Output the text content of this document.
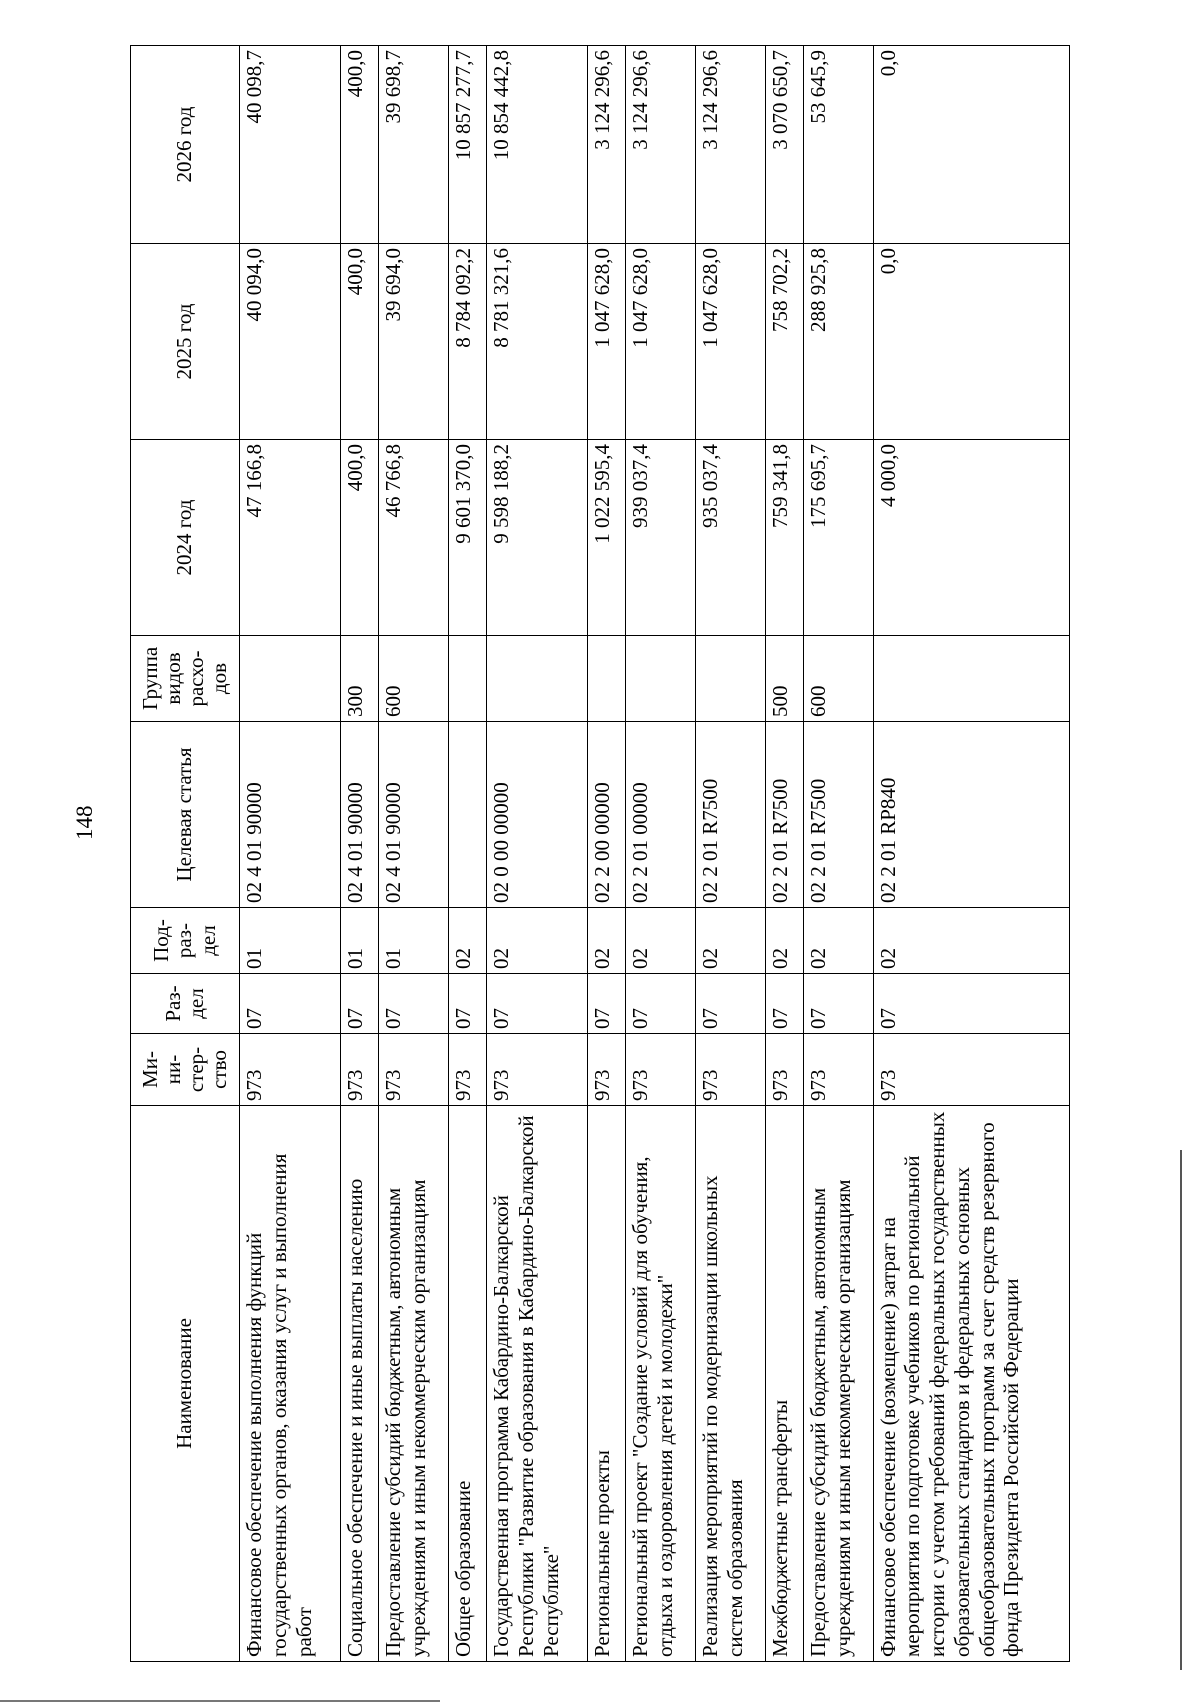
148
Наименование	Ми-
ни-
стер-
ство	Раз-
дел	Под-
раз-
дел	Целевая статья	Группа
видов
расхо-
дов	2024 год	2025 год	2026 год
Финансовое обеспечение выполнения функций государственных органов, оказания услуг и выполнения работ	973	07	01	02 4 01 90000		47 166,8	40 094,0	40 098,7
Социальное обеспечение и иные выплаты населению	973	07	01	02 4 01 90000	300	400,0	400,0	400,0
Предоставление субсидий бюджетным, автономным учреждениям и иным некоммерческим организациям	973	07	01	02 4 01 90000	600	46 766,8	39 694,0	39 698,7
Общее образование	973	07	02			9 601 370,0	8 784 092,2	10 857 277,7
Государственная программа Кабардино-Балкарской Республики "Развитие образования в Кабардино-Балкарской Республике"	973	07	02	02 0 00 00000		9 598 188,2	8 781 321,6	10 854 442,8
Региональные проекты	973	07	02	02 2 00 00000		1 022 595,4	1 047 628,0	3 124 296,6
Региональный проект "Создание условий для обучения, отдыха и оздоровления детей и молодежи"	973	07	02	02 2 01 00000		939 037,4	1 047 628,0	3 124 296,6
Реализация мероприятий по модернизации школьных систем образования	973	07	02	02 2 01 R7500		935 037,4	1 047 628,0	3 124 296,6
Межбюджетные трансферты	973	07	02	02 2 01 R7500	500	759 341,8	758 702,2	3 070 650,7
Предоставление субсидий бюджетным, автономным учреждениям и иным некоммерческим организациям	973	07	02	02 2 01 R7500	600	175 695,7	288 925,8	53 645,9
Финансовое обеспечение (возмещение) затрат на мероприятия по подготовке учебников по региональной истории с учетом требований федеральных государственных образовательных стандартов и федеральных основных общеобразовательных программ за счет средств резервного фонда Президента Российской Федерации	973	07	02	02 2 01 RP840		4 000,0	0,0	0,0
